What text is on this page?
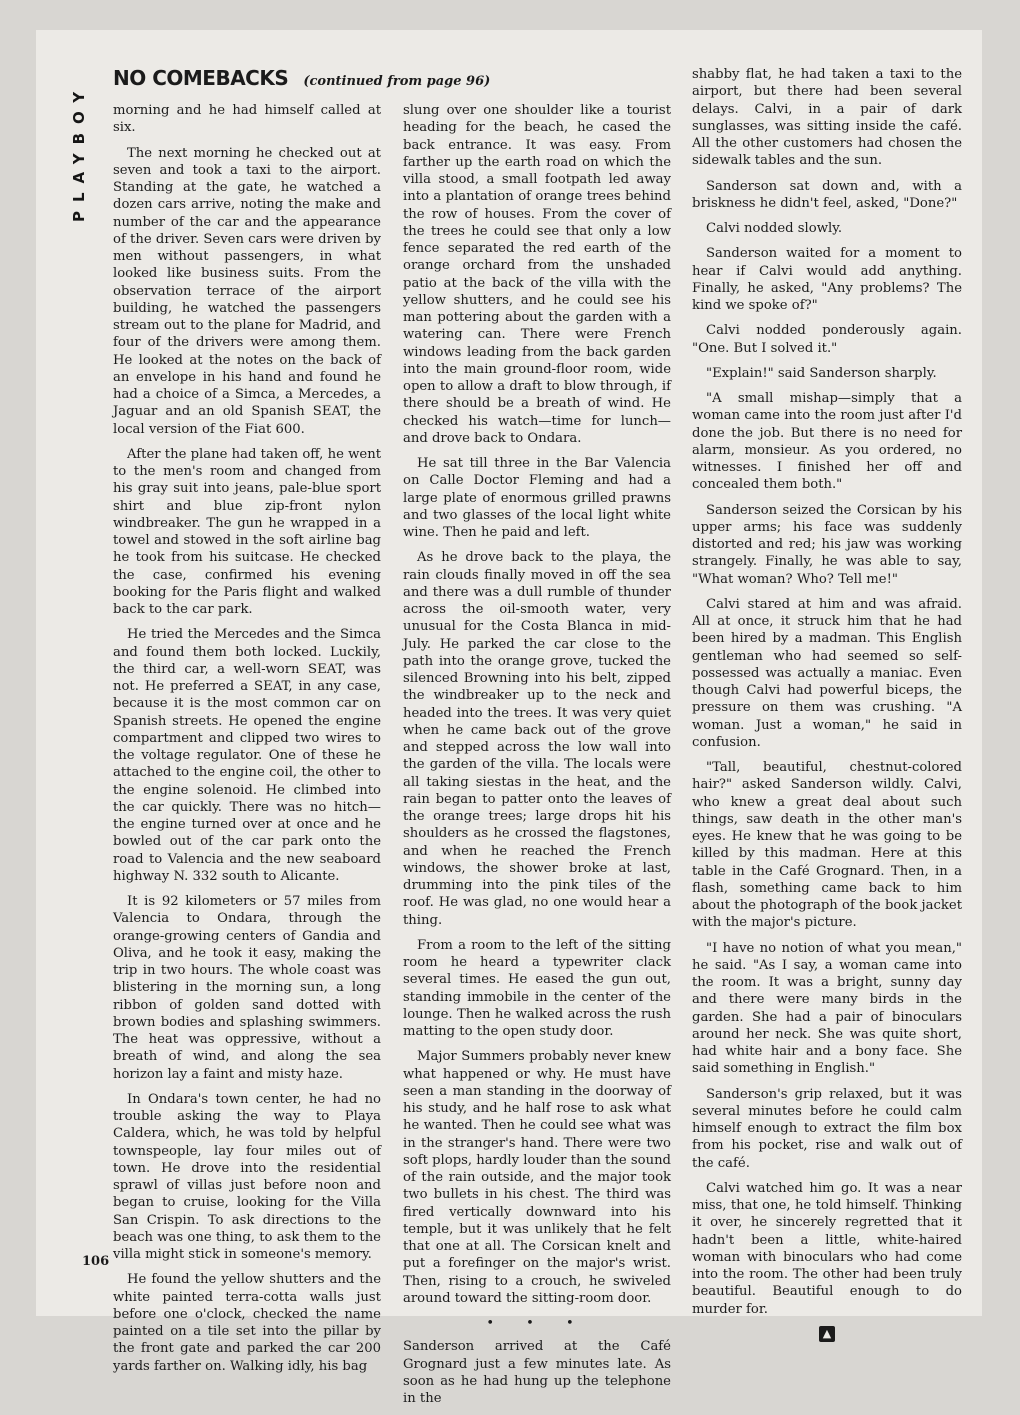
PLAYBOY
NO COMEBACKS (continued from page 96)

morning and he had himself called at six.

The next morning he checked out at seven and took a taxi to the airport. Standing at the gate, he watched a dozen cars arrive, noting the make and number of the car and the appearance of the driver. Seven cars were driven by men without passengers, in what looked like business suits. From the observation terrace of the airport building, he watched the passengers stream out to the plane for Madrid, and four of the drivers were among them. He looked at the notes on the back of an envelope in his hand and found he had a choice of a Simca, a Mercedes, a Jaguar and an old Spanish SEAT, the local version of the Fiat 600.

After the plane had taken off, he went to the men's room and changed from his gray suit into jeans, pale-blue sport shirt and blue zip-front nylon windbreaker. The gun he wrapped in a towel and stowed in the soft airline bag he took from his suitcase. He checked the case, confirmed his evening booking for the Paris flight and walked back to the car park.

He tried the Mercedes and the Simca and found them both locked. Luckily, the third car, a well-worn SEAT, was not. He preferred a SEAT, in any case, because it is the most common car on Spanish streets. He opened the engine compartment and clipped two wires to the voltage regulator. One of these he attached to the engine coil, the other to the engine solenoid. He climbed into the car quickly. There was no hitch—the engine turned over at once and he bowled out of the car park onto the road to Valencia and the new seaboard highway N. 332 south to Alicante.

It is 92 kilometers or 57 miles from Valencia to Ondara, through the orange-growing centers of Gandia and Oliva, and he took it easy, making the trip in two hours. The whole coast was blistering in the morning sun, a long ribbon of golden sand dotted with brown bodies and splashing swimmers. The heat was oppressive, without a breath of wind, and along the sea horizon lay a faint and misty haze.

In Ondara's town center, he had no trouble asking the way to Playa Caldera, which, he was told by helpful townspeople, lay four miles out of town. He drove into the residential sprawl of villas just before noon and began to cruise, looking for the Villa San Crispin. To ask directions to the beach was one thing, to ask them to the villa might stick in someone's memory.

He found the yellow shutters and the white painted terra-cotta walls just before one o'clock, checked the name painted on a tile set into the pillar by the front gate and parked the car 200 yards farther on. Walking idly, his bag

slung over one shoulder like a tourist heading for the beach, he cased the back entrance. It was easy. From farther up the earth road on which the villa stood, a small footpath led away into a plantation of orange trees behind the row of houses. From the cover of the trees he could see that only a low fence separated the red earth of the orange orchard from the unshaded patio at the back of the villa with the yellow shutters, and he could see his man pottering about the garden with a watering can. There were French windows leading from the back garden into the main ground-floor room, wide open to allow a draft to blow through, if there should be a breath of wind. He checked his watch—time for lunch—and drove back to Ondara.

He sat till three in the Bar Valencia on Calle Doctor Fleming and had a large plate of enormous grilled prawns and two glasses of the local light white wine. Then he paid and left.

As he drove back to the playa, the rain clouds finally moved in off the sea and there was a dull rumble of thunder across the oil-smooth water, very unusual for the Costa Blanca in mid-July. He parked the car close to the path into the orange grove, tucked the silenced Browning into his belt, zipped the windbreaker up to the neck and headed into the trees. It was very quiet when he came back out of the grove and stepped across the low wall into the garden of the villa. The locals were all taking siestas in the heat, and the rain began to patter onto the leaves of the orange trees; large drops hit his shoulders as he crossed the flagstones, and when he reached the French windows, the shower broke at last, drumming into the pink tiles of the roof. He was glad, no one would hear a thing.

From a room to the left of the sitting room he heard a typewriter clack several times. He eased the gun out, standing immobile in the center of the lounge. Then he walked across the rush matting to the open study door.

Major Summers probably never knew what happened or why. He must have seen a man standing in the doorway of his study, and he half rose to ask what he wanted. Then he could see what was in the stranger's hand. There were two soft plops, hardly louder than the sound of the rain outside, and the major took two bullets in his chest. The third was fired vertically downward into his temple, but it was unlikely that he felt that one at all. The Corsican knelt and put a forefinger on the major's wrist. Then, rising to a crouch, he swiveled around toward the sitting-room door.

• • •

Sanderson arrived at the Café Grognard just a few minutes late. As soon as he had hung up the telephone in the

shabby flat, he had taken a taxi to the airport, but there had been several delays. Calvi, in a pair of dark sunglasses, was sitting inside the café. All the other customers had chosen the sidewalk tables and the sun.

Sanderson sat down and, with a briskness he didn't feel, asked, "Done?"

Calvi nodded slowly.

Sanderson waited for a moment to hear if Calvi would add anything. Finally, he asked, "Any problems? The kind we spoke of?"

Calvi nodded ponderously again. "One. But I solved it."

"Explain!" said Sanderson sharply.

"A small mishap—simply that a woman came into the room just after I'd done the job. But there is no need for alarm, monsieur. As you ordered, no witnesses. I finished her off and concealed them both."

Sanderson seized the Corsican by his upper arms; his face was suddenly distorted and red; his jaw was working strangely. Finally, he was able to say, "What woman? Who? Tell me!"

Calvi stared at him and was afraid. All at once, it struck him that he had been hired by a madman. This English gentleman who had seemed so self-possessed was actually a maniac. Even though Calvi had powerful biceps, the pressure on them was crushing. "A woman. Just a woman," he said in confusion.

"Tall, beautiful, chestnut-colored hair?" asked Sanderson wildly. Calvi, who knew a great deal about such things, saw death in the other man's eyes. He knew that he was going to be killed by this madman. Here at this table in the Café Grognard. Then, in a flash, something came back to him about the photograph of the book jacket with the major's picture.

"I have no notion of what you mean," he said. "As I say, a woman came into the room. It was a bright, sunny day and there were many birds in the garden. She had a pair of binoculars around her neck. She was quite short, had white hair and a bony face. She said something in English."

Sanderson's grip relaxed, but it was several minutes before he could calm himself enough to extract the film box from his pocket, rise and walk out of the café.

Calvi watched him go. It was a near miss, that one, he told himself. Thinking it over, he sincerely regretted that it hadn't been a little, white-haired woman with binoculars who had come into the room. The other had been truly beautiful. Beautiful enough to do murder for.

▲
106
